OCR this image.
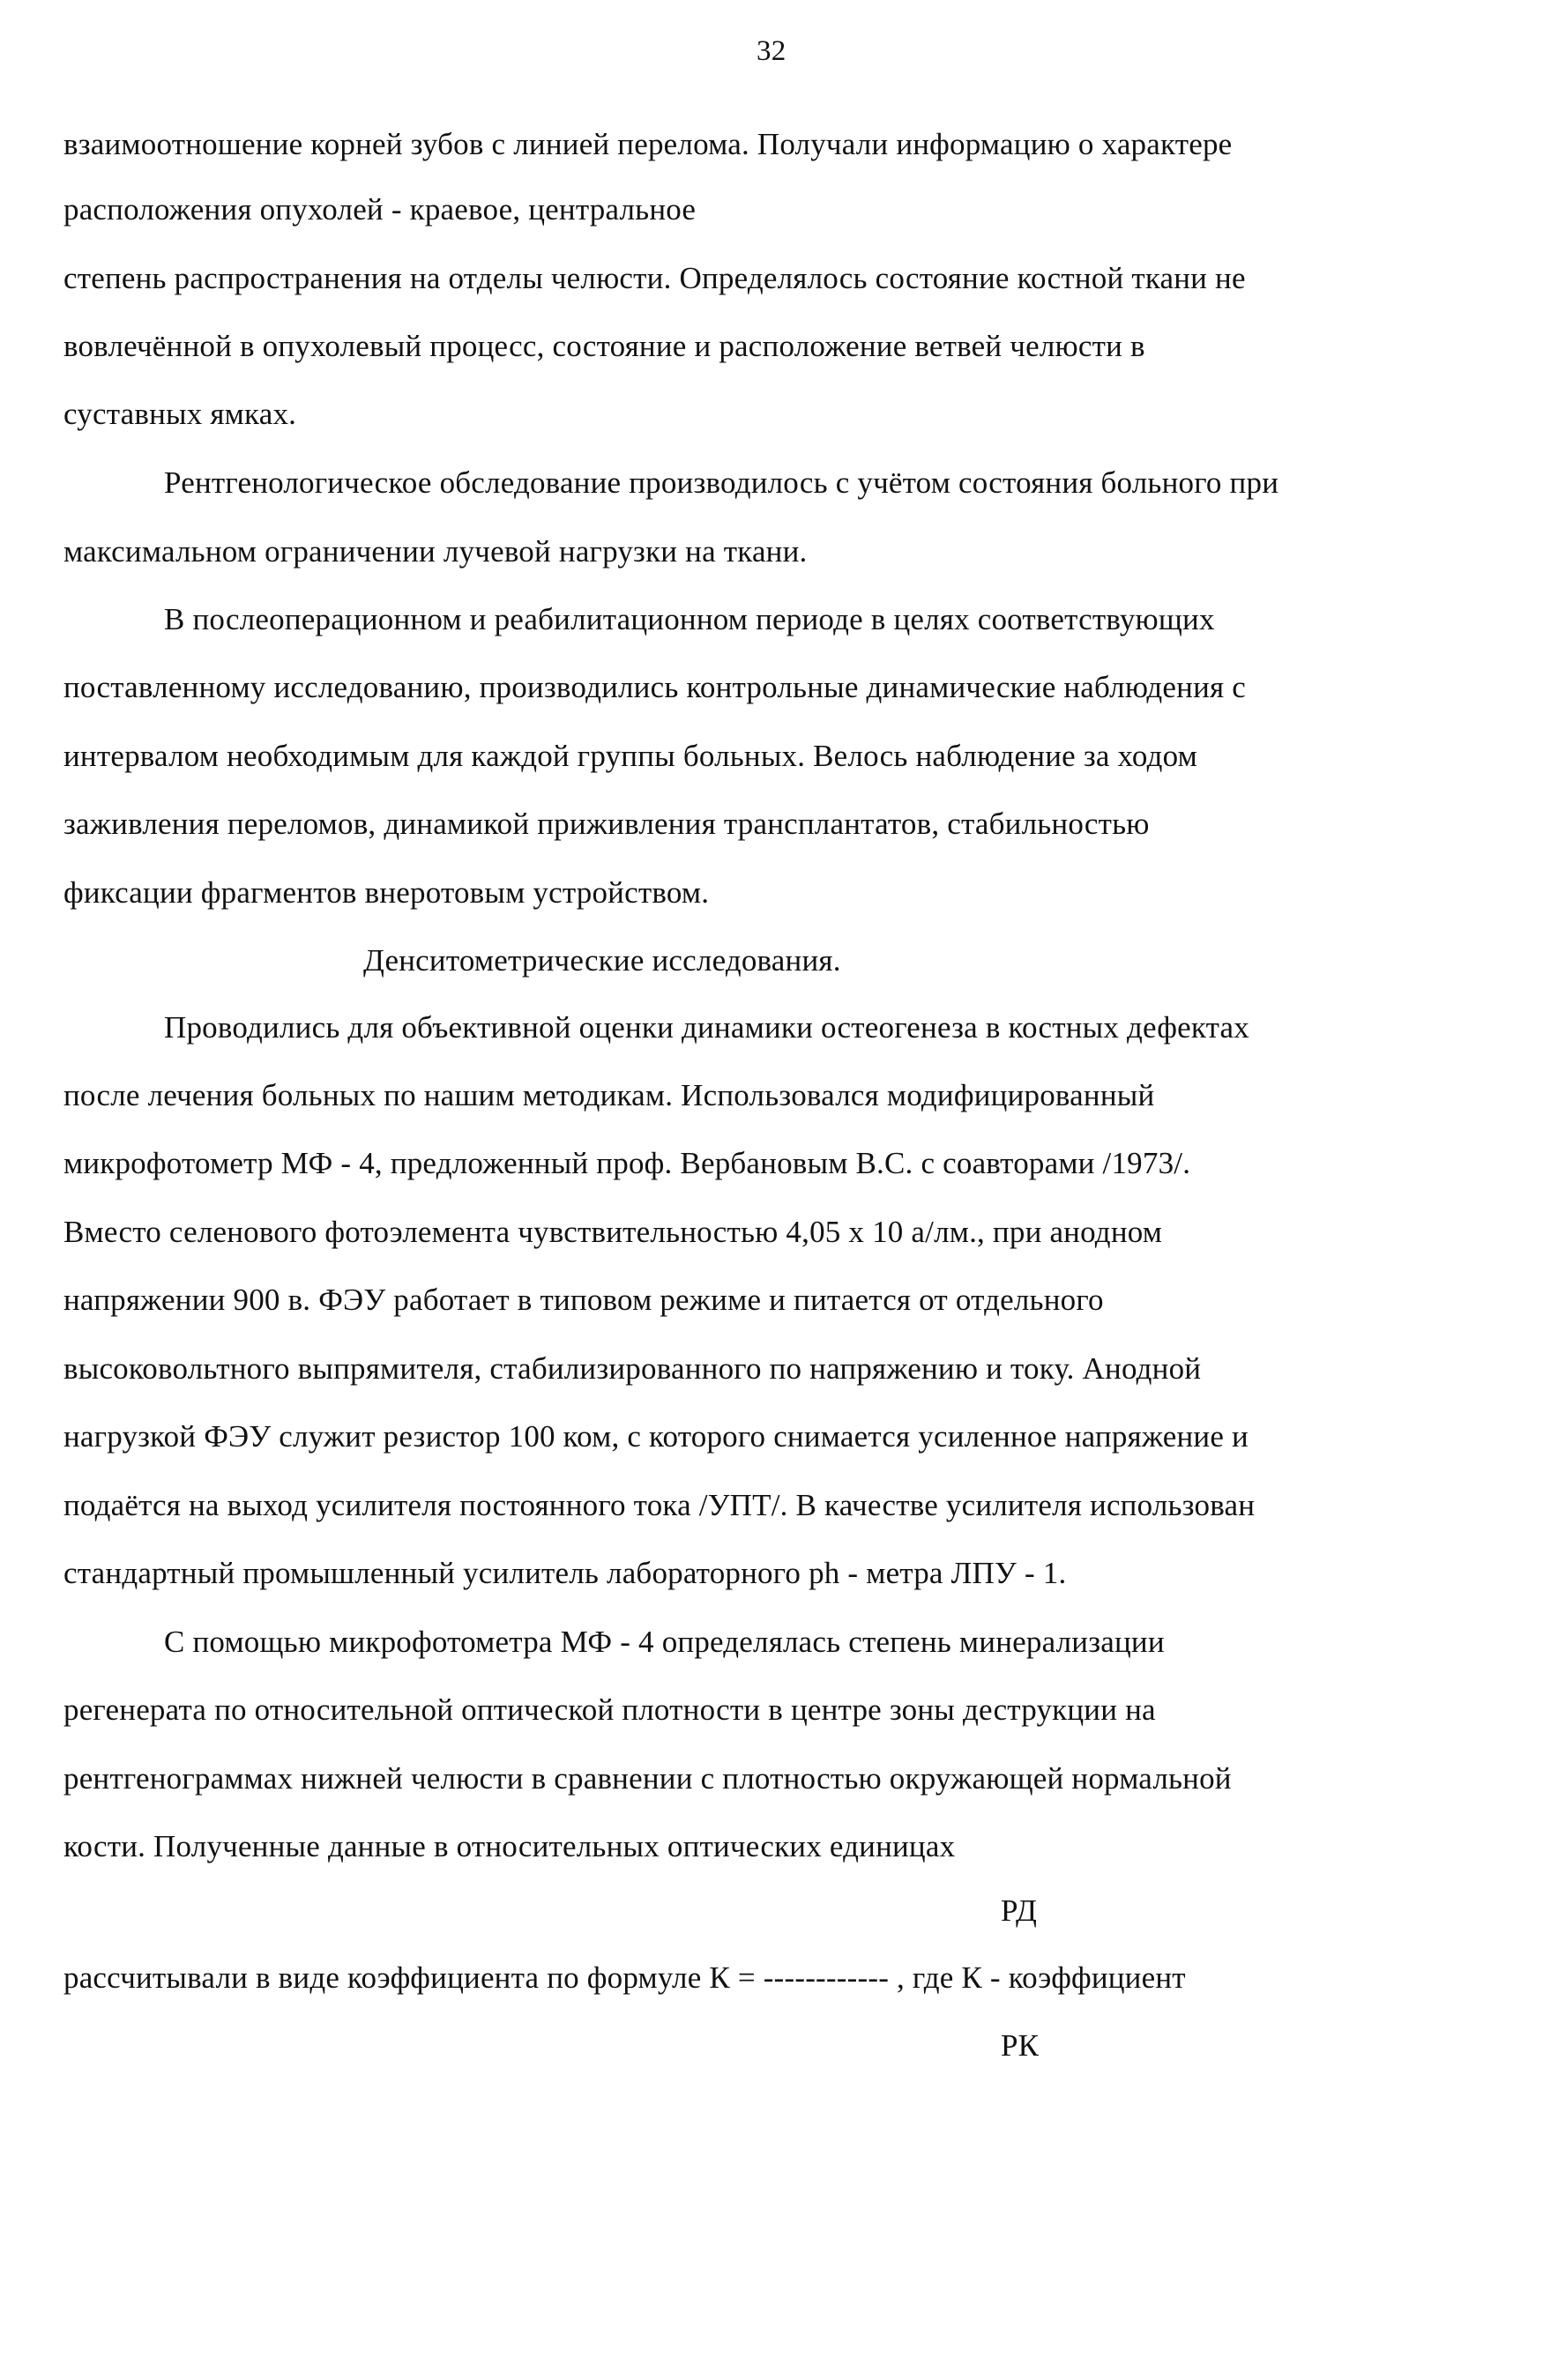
32
взаимоотношение корней зубов с линией перелома. Получали информацию о характере
расположения опухолей - краевое, центральное
степень распространения на отделы челюсти. Определялось состояние костной ткани не
вовлечённой в опухолевый процесс, состояние и расположение ветвей челюсти в
суставных ямках.
Рентгенологическое обследование производилось с учётом состояния больного при
максимальном ограничении лучевой нагрузки на ткани.
В послеоперационном и реабилитационном периоде в целях соответствующих
поставленному исследованию, производились контрольные динамические наблюдения с
интервалом необходимым для каждой группы больных. Велось наблюдение за ходом
заживления переломов, динамикой приживления трансплантатов, стабильностью
фиксации фрагментов внеротовым устройством.
Денситометрические исследования.
Проводились для объективной оценки динамики остеогенеза в костных дефектах
после лечения больных по нашим методикам. Использовался модифицированный
микрофотометр МФ - 4, предложенный проф. Вербановым В.С. с соавторами /1973/.
Вместо селенового фотоэлемента чувствительностью 4,05 х 10 а/лм., при анодном
напряжении 900 в. ФЭУ работает в типовом режиме и питается от отдельного
высоковольтного выпрямителя, стабилизированного по напряжению и току. Анодной
нагрузкой ФЭУ служит резистор 100 ком, с которого снимается усиленное напряжение и
подаётся на выход усилителя постоянного тока /УПТ/. В качестве усилителя использован
стандартный промышленный усилитель лабораторного ph - метра ЛПУ - 1.
С помощью микрофотометра МФ - 4 определялась степень минерализации
регенерата по относительной оптической плотности в центре зоны деструкции на
рентгенограммах нижней челюсти в сравнении с плотностью окружающей нормальной
кости. Полученные данные в относительных оптических единицах
РД
рассчитывали в виде коэффициента по формуле К = ------------ , где К - коэффициент
РК
